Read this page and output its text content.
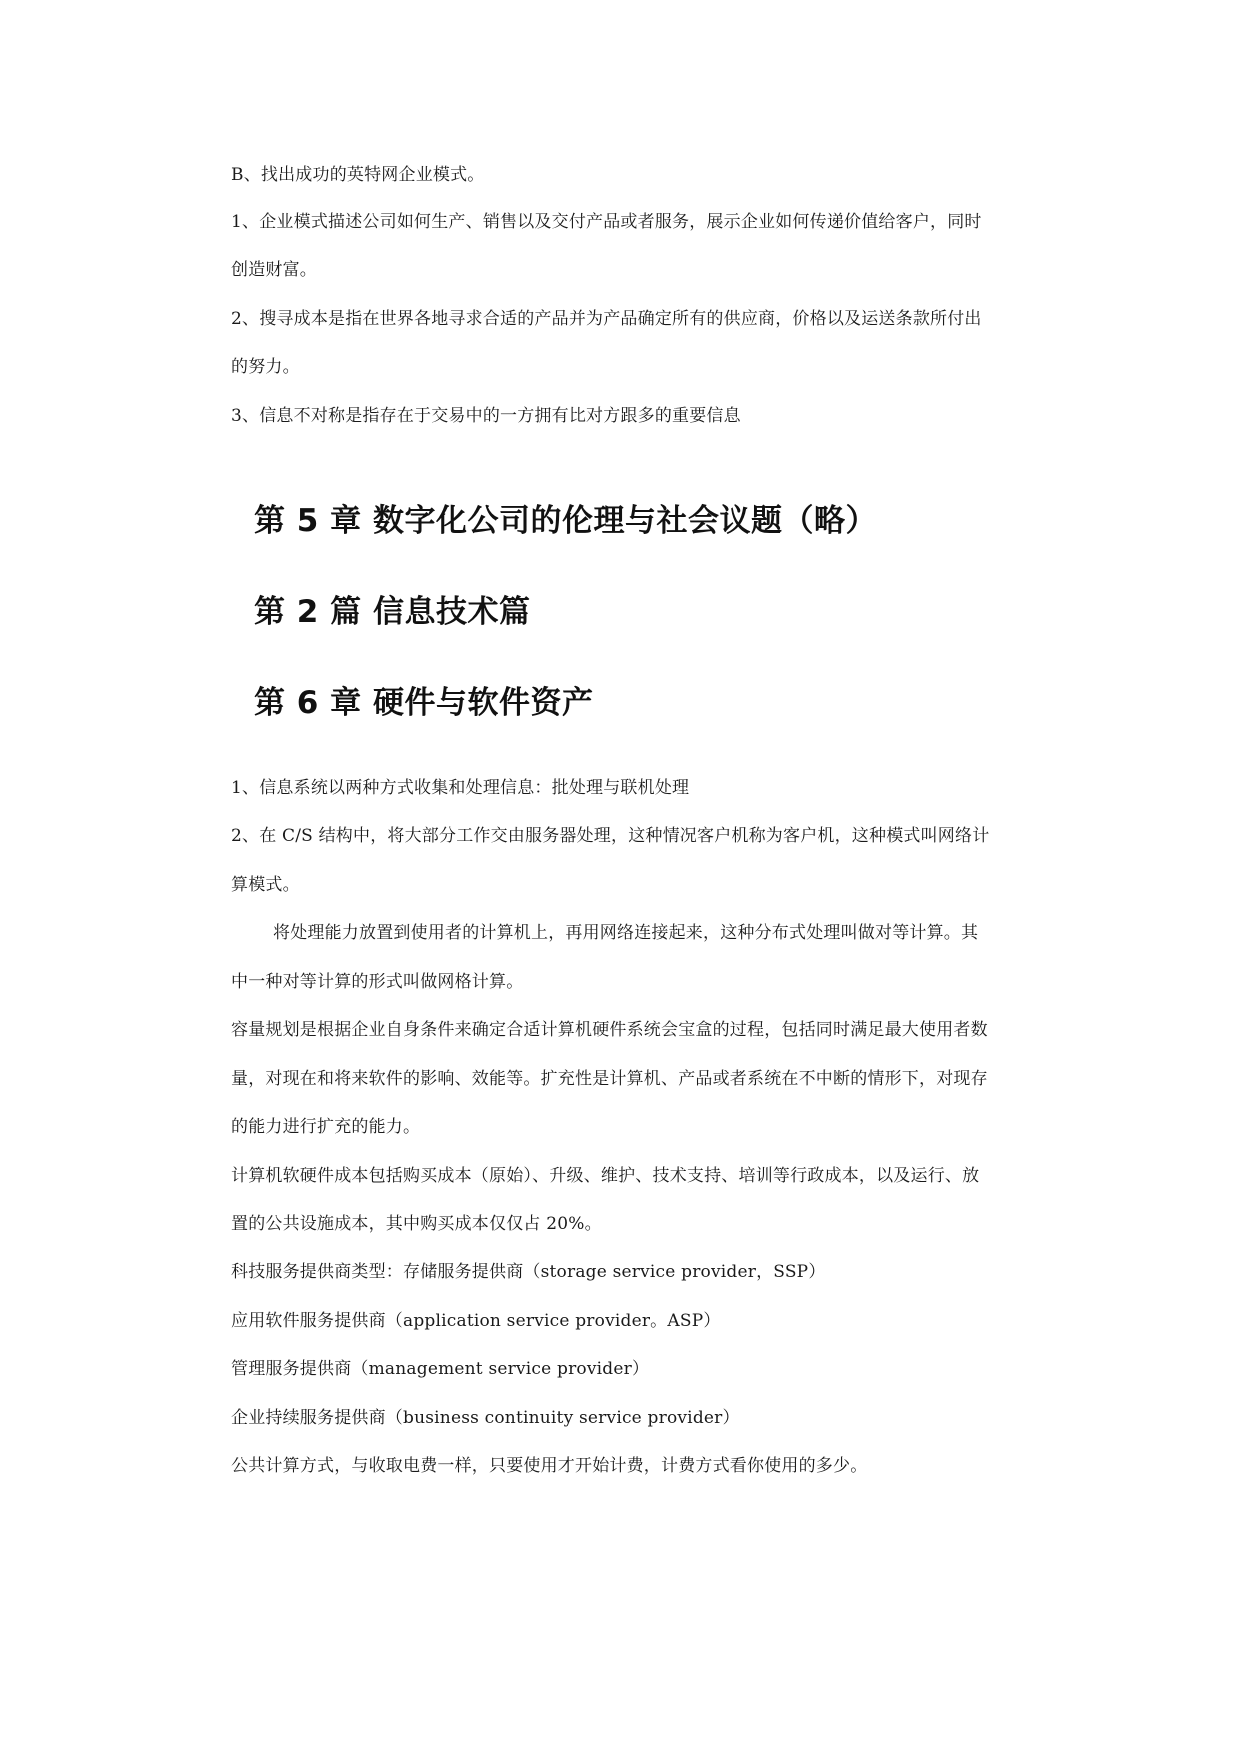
B、找出成功的英特网企业模式。
1、企业模式描述公司如何生产、销售以及交付产品或者服务，展示企业如何传递价值给客户，同时
创造财富。
2、搜寻成本是指在世界各地寻求合适的产品并为产品确定所有的供应商，价格以及运送条款所付出
的努力。
3、信息不对称是指存在于交易中的一方拥有比对方跟多的重要信息
第 5 章 数字化公司的伦理与社会议题（略）
第 2 篇 信息技术篇
第 6 章 硬件与软件资产
1、信息系统以两种方式收集和处理信息：批处理与联机处理
2、在 C/S 结构中，将大部分工作交由服务器处理，这种情况客户机称为客户机，这种模式叫网络计
算模式。
将处理能力放置到使用者的计算机上，再用网络连接起来，这种分布式处理叫做对等计算。其
中一种对等计算的形式叫做网格计算。
容量规划是根据企业自身条件来确定合适计算机硬件系统会宝盒的过程，包括同时满足最大使用者数
量，对现在和将来软件的影响、效能等。扩充性是计算机、产品或者系统在不中断的情形下，对现存
的能力进行扩充的能力。
计算机软硬件成本包括购买成本（原始）、升级、维护、技术支持、培训等行政成本，以及运行、放
置的公共设施成本，其中购买成本仅仅占 20%。
科技服务提供商类型：存储服务提供商（storage service provider，SSP）
应用软件服务提供商（application service provider。ASP）
管理服务提供商（management service provider）
企业持续服务提供商（business continuity service provider）
公共计算方式，与收取电费一样，只要使用才开始计费，计费方式看你使用的多少。
